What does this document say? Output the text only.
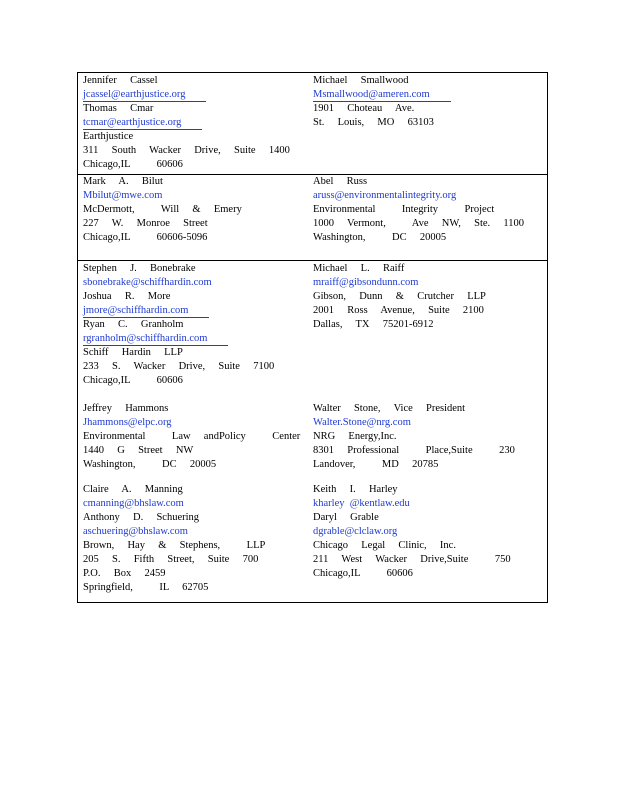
Jennifer  Cassel
jcassel@earthjustice.org
Thomas  Cmar
tcmar@earthjustice.org
Earthjustice
311  South  Wacker  Drive,  Suite  1400
Chicago,IL    60606
Michael  Smallwood
Msmallwood@ameren.com
1901  Choteau  Ave.
St.  Louis,  MO  63103
Mark  A.  Bilut
Mbilut@mwe.com
McDermott,    Will  &  Emery
227  W.  Monroe  Street
Chicago,IL    60606-5096
Abel  Russ
aruss@environmentalintegrity.org
Environmental    Integrity    Project
1000  Vermont,    Ave  NW,  Ste.  1100
Washington,    DC  20005
Stephen  J.  Bonebrake
sbonebrake@schiffhardin.com
Joshua  R.  More
jmore@schiffhardin.com
Ryan  C.  Granholm
rgranholm@schiffhardin.com
Schiff  Hardin  LLP
233  S.  Wacker  Drive,  Suite  7100
Chicago,IL    60606
Michael  L.  Raiff
mraiff@gibsondunn.com
Gibson,  Dunn  &  Crutcher  LLP
2001  Ross  Avenue,  Suite  2100
Dallas,  TX  75201-6912
Jeffrey  Hammons
Jhammons@elpc.org
Environmental    Law  andPolicy    Center
1440  G  Street  NW
Washington,    DC  20005
Walter  Stone,  Vice  President
Walter.Stone@nrg.com
NRG  Energy,Inc.
8301  Professional    Place,Suite    230
Landover,    MD  20785
Claire  A.  Manning
cmanning@bhslaw.com
Anthony  D.  Schuering
aschuering@bhslaw.com
Brown,  Hay  &  Stephens,    LLP
205  S.  Fifth  Street,  Suite  700
P.O.  Box  2459
Springfield,    IL  62705
Keith  I.  Harley
kharley  @kentlaw.edu
Daryl  Grable
dgrable@clclaw.org
Chicago  Legal  Clinic,  Inc.
211  West  Wacker  Drive,Suite    750
Chicago,IL    60606
